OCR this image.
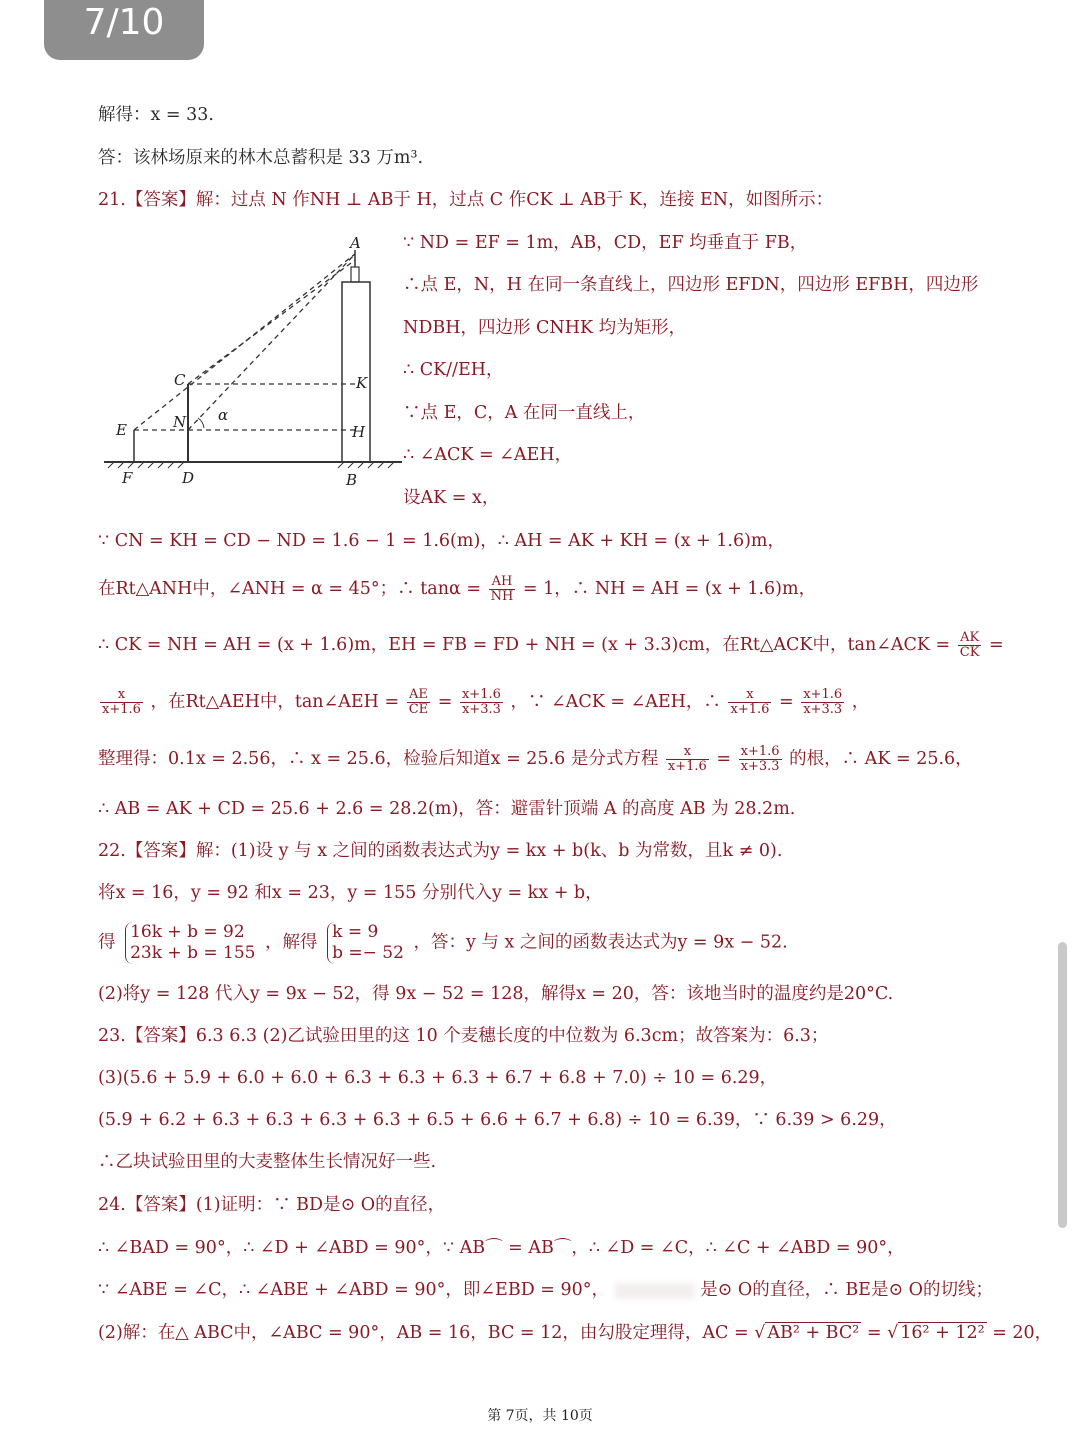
7/10
解得：x = 33.
答：该林场原来的林木总蓄积是 33 万m³.
21.【答案】解：过点 N 作NH ⊥ AB于 H，过点 C 作CK ⊥ AB于 K，连接 EN，如图所示：
A
C	K
E	N α
H
F	D	B
∵ ND = EF = 1m，AB，CD，EF 均垂直于 FB，
∴点 E，N，H 在同一条直线上，四边形 EFDN，四边形 EFBH，四边形
NDBH，四边形 CNHK 均为矩形，
∴ CK//EH，
∵点 E，C，A 在同一直线上，
∴ ∠ACK = ∠AEH，
设AK = x，
∵ CN = KH = CD − ND = 1.6 − 1 = 1.6(m)，∴ AH = AK + KH = (x + 1.6)m，
在Rt△ANH中，∠ANH = α = 45°；∴ $\tan\alpha = \frac{AH}{NH} = 1$，∴ NH = AH = (x + 1.6)m，
∴ CK = NH = AH = (x + 1.6)m，EH = FB = FD + NH = (x + 3.3)cm，在Rt△ACK中，tan∠ACK = $\frac{AK}{CK}$ =
$\frac{x}{x+1.6}$ ，在Rt△AEH中，tan∠AEH = $\frac{AE}{CE} = \frac{x+1.6}{x+3.3}$ ，∵ ∠ACK = ∠AEH，∴ $\frac{x}{x+1.6} = \frac{x+1.6}{x+3.3}$ ，
整理得：0.1x = 2.56，∴ x = 25.6，检验后知道x = 25.6 是分式方程 $\frac{x}{x+1.6} = \frac{x+1.6}{x+3.3}$ 的根，∴ AK = 25.6，
∴ AB = AK + CD = 25.6 + 2.6 = 28.2(m)，答：避雷针顶端 A 的高度 AB 为 28.2m.
22.【答案】解：(1)设 y 与 x 之间的函数表达式为y = kx + b(k、b 为常数，且k ≠ 0).
将x = 16，y = 92 和x = 23，y = 155 分别代入y = kx + b，
得
16k + b = 92
23k + b = 155
，解得
k = 9
b =− 52
，答：y 与 x 之间的函数表达式为y = 9x − 52.
(2)将y = 128 代入y = 9x − 52，得 9x − 52 = 128，解得x = 20，答：该地当时的温度约是20°C.
23.【答案】6.3 6.3 (2)乙试验田里的这 10 个麦穗长度的中位数为 6.3cm；故答案为：6.3；
(3)(5.6 + 5.9 + 6.0 + 6.0 + 6.3 + 6.3 + 6.3 + 6.7 + 6.8 + 7.0) ÷ 10 = 6.29，
(5.9 + 6.2 + 6.3 + 6.3 + 6.3 + 6.3 + 6.5 + 6.6 + 6.7 + 6.8) ÷ 10 = 6.39，∵ 6.39 > 6.29，
∴乙块试验田里的大麦整体生长情况好一些.
24.【答案】(1)证明：∵ BD是⊙ O的直径，
∴ ∠BAD = 90°，∴ ∠D + ∠ABD = 90°，∵ AB⌒ = AB⌒，∴ ∠D = ∠C，∴ ∠C + ∠ABD = 90°，
∵ ∠ABE = ∠C，∴ ∠ABE + ∠ABD = 90°，即∠EBD = 90°，	是⊙ O的直径，∴ BE是⊙ O的切线；
(2)解：在△ ABC中，∠ABC = 90°，AB = 16，BC = 12，由勾股定理得，AC = √ AB² + BC² = √ 16² + 12² = 20，
第 7页，共 10页
